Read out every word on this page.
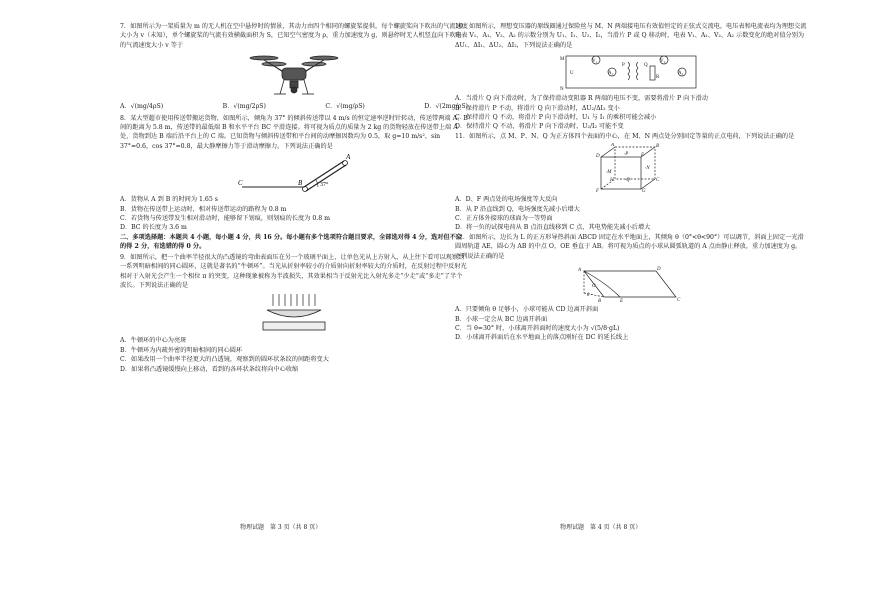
7．如图所示为一架质量为 m 的无人机在空中悬停时的情景，其动力由四个相同的螺旋桨提供，每个螺旋桨向下吹出的气流速度大小为 v（未知），单个螺旋桨的气流有效横截面积为 S，已知空气密度为 ρ，重力加速度为 g，则悬停时无人机竖直向下吹出的气流速度大小 v 等于

A．√(mg/4ρS)	B．√(mg/2ρS)	C．√(mg/ρS)	D．√(2mg/ρS)

8．某大型超市使用传送带搬运货物，如图所示，倾角为 37° 的倾斜传送带以 4 m/s 的恒定速率逆时针转动，传送带两端 A、B 间的距离为 5.8 m，传送带的最低端 B 和水平平台 BC 平滑连接。将可视为质点的质量为 2 kg 的货物轻放在传送带上端 A 处，货物到达 B 端后沿平台上的 C 端。已知货物与倾斜传送带和平台间的动摩擦因数均为 0.5，取 g=10 m/s²，sin 37°=0.6，cos 37°=0.8，最大静摩擦力等于滑动摩擦力。下列说法正确的是

37°
C	B
A

A．货物从 A 到 B 的时间为 1.65 s

B．货物在传送带上运动时，相对传送带运动的路程为 0.8 m

C．若货物与传送带发生相对滑动时，能够留下划痕，则划痕的长度为 0.8 m

D．BC 的长度为 3.6 m

二、多项选择题：本题共 4 小题，每小题 4 分，共 16 分。每小题有多个选项符合题目要求，全部选对得 4 分，选对但不全的得 2 分，有选错的得 0 分。

9．如图所示，把一个曲率半径很大的凸透镜的弯曲表面压在另一个玻璃平面上，让单色光从上方射入，从上往下看可以观察到一系列明暗相间的同心圆环，这就是著名的“牛顿环”。当光从折射率较小的介质射向折射率较大的介质时，在反射过程中反射光相对于入射光会产生一个相位 π 的突变，这种现象被称为半波损失，其效果相当于反射光比入射光多走“少走”或“多走”了半个波长。下列说法正确的是

A．牛顿环的中心为亮斑

B．牛顿环为内疏外密的明暗相间的同心圆环

C．如果改用一个曲率半径更大的凸透镜，观察到的圆环状条纹的间距将变大

D．如果将凸透镜缓慢向上移动，看到的各环状条纹将向中心收缩

物理试题　第 3 页（共 8 页）

10．如图所示，理想变压器的原线圈通过保险丝与 M、N 两端接电压有效值恒定的正弦式交流电，电压表和电流表均为理想交流电表 V₁、A₁、V₂、A₂ 的示数分别为 U₁、I₁、U₂、I₂，当滑片 P 或 Q 移动时，电表 V₁、A₁、V₂、A₂ 示数变化的绝对值分别为 ΔU₁、ΔI₁、ΔU₂、ΔI₂，下列说法正确的是

M
N
U
P	Q
R
V₁
A₁
V₂
A₂

A．当滑片 Q 向下滑动时，为了保持滑动变阻器 R 两端的电压不变，需要将滑片 P 向下滑动

B．保持滑片 P 不动，将滑片 Q 向下滑动时，ΔU₂/ΔI₂ 变小

C．保持滑片 Q 不动，将滑片 P 向下滑动时，U₁ 与 I₁ 的乘积可能会减小

D．保持滑片 Q 不动，将滑片 P 向下滑动时，U₂/I₂ 可能不变

11．如图所示，点 M、P、N、Q 为正方体四个表面的中心，在 M、N 两点处分别固定等量的正点电荷，下列说法正确的是

A	B
C
D	E
F	G
H
·P
·M
·N
·Q

A．D、F 两点处的电场强度等大反向

B．从 P 沿直线到 Q，电场强度先减小后增大

C．正方体外接球的球面为一等势面

D．将一负的试探电荷从 B 点沿直线移到 C 点，其电势能先减小后增大

12．如图所示，边长为 L 的正方形导热斜面 ABCD 固定在水平地面上，其倾角 θ（0°<θ<90°）可以调节，斜面上固定一光滑圆周轨道 AE，圆心为 AB 的中点 O，OE 垂直于 AB。将可视为质点的小球从圆弧轨道的 A 点由静止释放，重力加速度为 g。下列说法正确的是

A
B	C
D
E
O
θ

A．只要倾角 θ 足够小，小球可能从 CD 边离开斜面

B．小球一定会从 BC 边离开斜面

C．当 θ=30° 时，小球离开斜面时的速度大小为 √(5/8·gL)

D．小球离开斜面后在水平地面上的落点刚好在 DC 的延长线上

物理试题　第 4 页（共 8 页）
